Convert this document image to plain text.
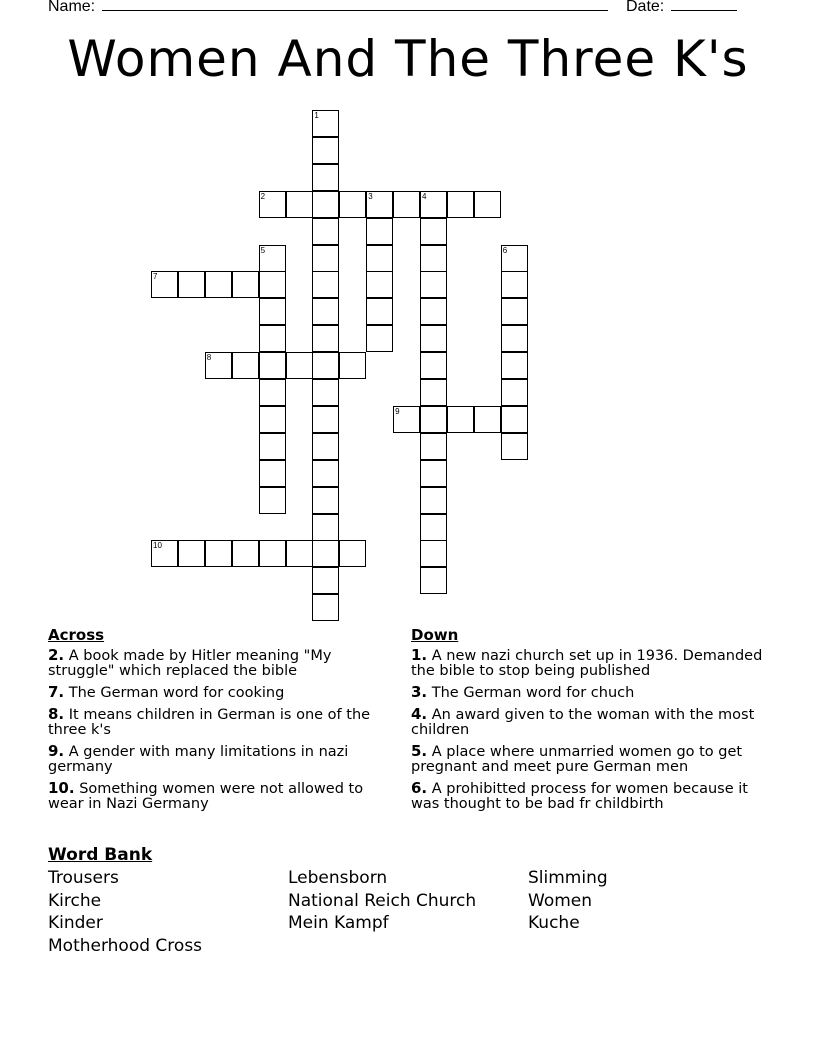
Name:	Date:
Women And The Three K's
1
2	3	4
5	6
7
8
9
10
Across
2. A book made by Hitler meaning "My struggle" which replaced the bible
7. The German word for cooking
8. It means children in German is one of the three k's
9. A gender with many limitations in nazi germany
10. Something women were not allowed to wear in Nazi Germany
Down
1. A new nazi church set up in 1936. Demanded the bible to stop being published
3. The German word for chuch
4. An award given to the woman with the most children
5. A place where unmarried women go to get pregnant and meet pure German men
6. A prohibitted process for women because it was thought to be bad fr childbirth
Word Bank
Trousers
Kirche
Kinder
Motherhood Cross
Lebensborn
National Reich Church
Mein Kampf
Slimming
Women
Kuche
